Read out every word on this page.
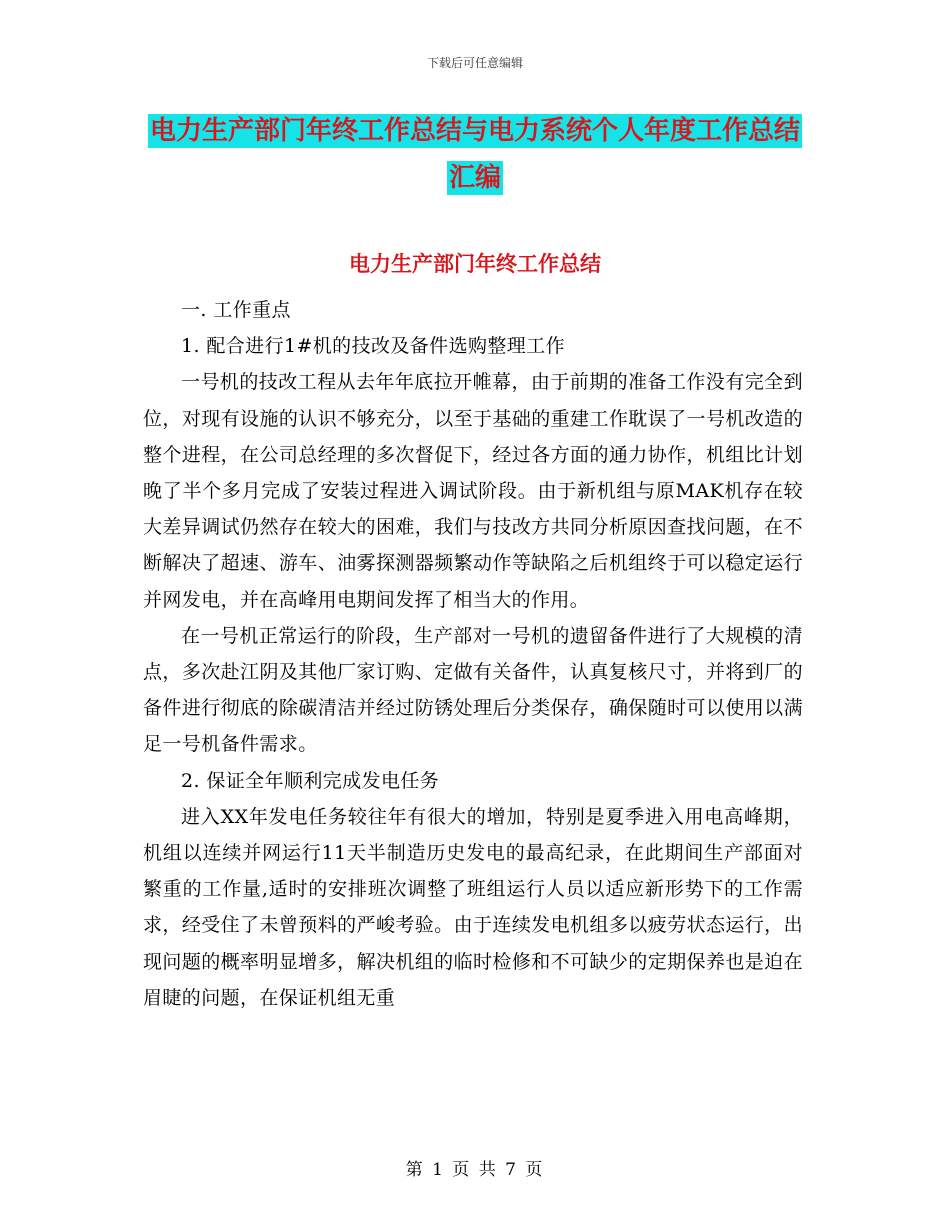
下载后可任意编辑
电力生产部门年终工作总结与电力系统个人年度工作总结汇编
电力生产部门年终工作总结

一. 工作重点

1. 配合进行1#机的技改及备件选购整理工作

一号机的技改工程从去年年底拉开帷幕，由于前期的准备工作没有完全到位，对现有设施的认识不够充分，以至于基础的重建工作耽误了一号机改造的整个进程，在公司总经理的多次督促下，经过各方面的通力协作，机组比计划晚了半个多月完成了安装过程进入调试阶段。由于新机组与原MAK机存在较大差异调试仍然存在较大的困难，我们与技改方共同分析原因查找问题，在不断解决了超速、游车、油雾探测器频繁动作等缺陷之后机组终于可以稳定运行并网发电，并在高峰用电期间发挥了相当大的作用。

在一号机正常运行的阶段，生产部对一号机的遗留备件进行了大规模的清点，多次赴江阴及其他厂家订购、定做有关备件，认真复核尺寸，并将到厂的备件进行彻底的除碳清洁并经过防锈处理后分类保存，确保随时可以使用以满足一号机备件需求。

2. 保证全年顺利完成发电任务

进入XX年发电任务较往年有很大的增加，特别是夏季进入用电高峰期，机组以连续并网运行11天半制造历史发电的最高纪录，在此期间生产部面对繁重的工作量,适时的安排班次调整了班组运行人员以适应新形势下的工作需求，经受住了未曾预料的严峻考验。由于连续发电机组多以疲劳状态运行，出现问题的概率明显增多，解决机组的临时检修和不可缺少的定期保养也是迫在眉睫的问题，在保证机组无重

第 1 页 共 7 页
